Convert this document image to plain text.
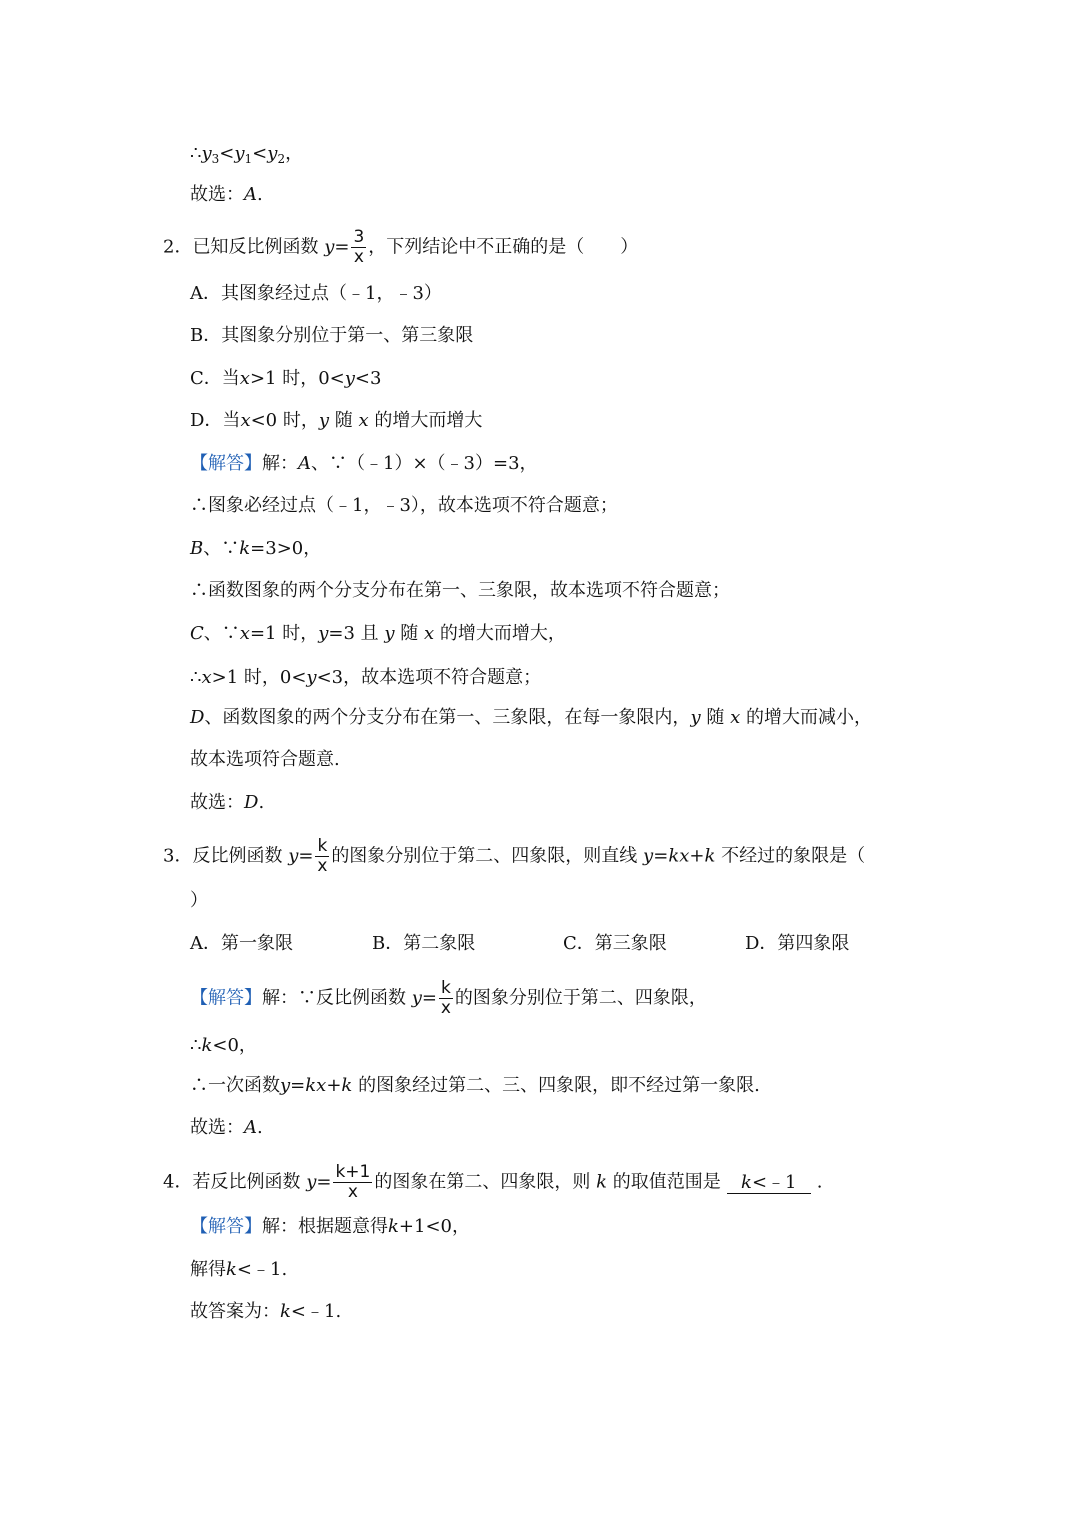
$\therefore y_3<y_1<y_2$，
故选：A.
2．已知反比例函数 $y= \frac{3}{x}$ ，下列结论中不正确的是（　　）
A．其图象经过点（﹣1，﹣3）
B．其图象分别位于第一、第三象限
C．当x>1 时，0<y<3
D．当x<0 时，y 随 x 的增大而增大
【解答】解：A、∵（﹣1）×（﹣3）=3，
∴图象必经过点（﹣1，﹣3），故本选项不符合题意；
B、∵k=3>0，
∴函数图象的两个分支分布在第一、三象限，故本选项不符合题意；
C、∵x=1 时，y=3 且 y 随 x 的增大而增大，
∴x>1 时，0<y<3，故本选项不符合题意；
D、函数图象的两个分支分布在第一、三象限，在每一象限内，y 随 x 的增大而减小，
故本选项符合题意.
故选：D.
3．反比例函数 $y= \frac{k}{x}$ 的图象分别位于第二、四象限，则直线 y=kx+k 不经过的象限是（
）
A．第一象限	B．第二象限	C．第三象限	D．第四象限
【解答】解：∵反比例函数 $y= \frac{k}{x}$ 的图象分别位于第二、四象限，
∴k<0，
∴一次函数y=kx+k 的图象经过第二、三、四象限，即不经过第一象限.
故选：A.
4．若反比例函数 $y= \frac{k+1}{x}$ 的图象在第二、四象限，则 k 的取值范围是 k<﹣1 .
【解答】解：根据题意得k+1<0，
解得k<﹣1.
故答案为：k<﹣1.
